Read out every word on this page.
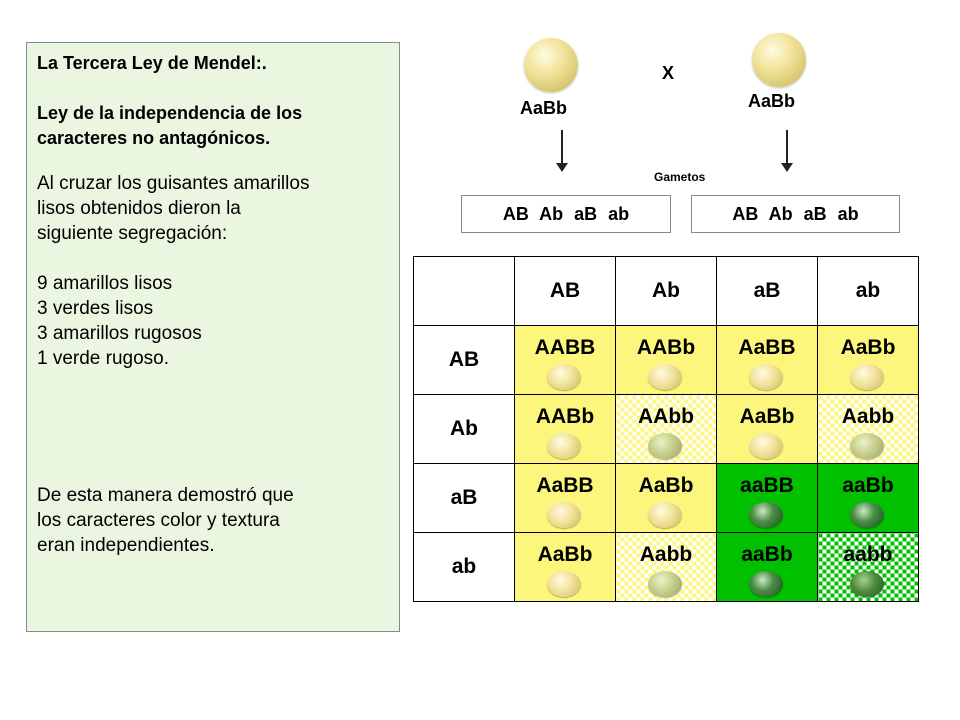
La Tercera Ley de Mendel:.

Ley de la independencia de los

caracteres no antagónicos.

Al cruzar los guisantes amarillos

lisos obtenidos dieron la

siguiente segregación:

9 amarillos lisos

3 verdes lisos

3 amarillos rugosos

1 verde rugoso.

De esta manera demostró que

los caracteres color y textura

eran independientes.

AaBb	AaBb
X
Gametos
AB Ab aB ab	AB Ab aB ab
	AB	Ab	aB	ab
AB	AABB	AABb	AaBB	AaBb

Ab	AABb	AAbb	AaBb	Aabb

aB	AaBB	AaBb	aaBB	aaBb

ab	AaBb	Aabb	aaBb	aabb
